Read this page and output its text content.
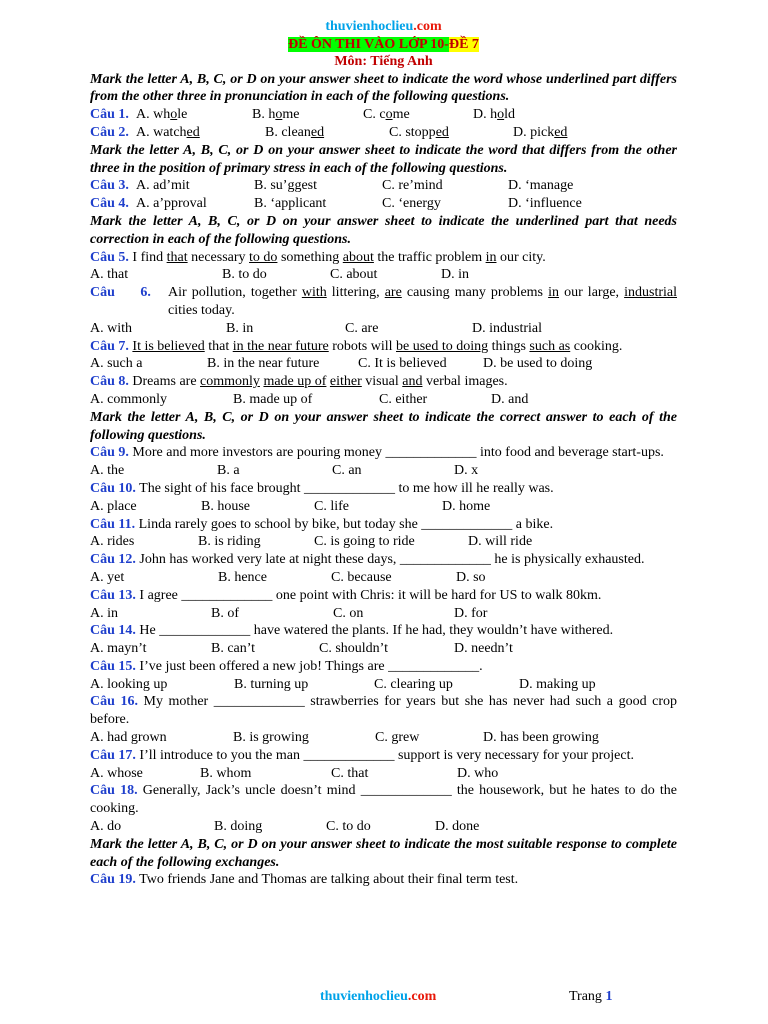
thuvienhoclieu.com
ĐỀ ÔN THI VÀO LỚP 10-ĐỀ 7
Môn: Tiếng Anh
Mark the letter A, B, C, or D on your answer sheet to indicate the word whose underlined part differs from the other three in pronunciation in each of the following questions.
Câu 1. A. whole	B. home	C. come	D. hold
Câu 2. A. watched	B. cleaned	C. stopped	D. picked
Mark the letter A, B, C, or D on your answer sheet to indicate the word that differs from the other three in the position of primary stress in each of the following questions.
Câu 3. A. ad’mit	B. su’ggest	C. re’mind	D. ‘manage
Câu 4. A. a’pproval	B. ‘applicant	C. ‘energy	D. ‘influence
Mark the letter A, B, C, or D on your answer sheet to indicate the underlined part that needs correction in each of the following questions.
Câu 5. I find that necessary to do something about the traffic problem in our city.
A. that	B. to do	C. about	D. in
Câu 6.	Air pollution, together with littering, are causing many problems in our large, industrial cities today.
A. with	B. in	C. are	D. industrial
Câu 7. It is believed that in the near future robots will be used to doing things such as cooking.
A. such a	B. in the near future	C. It is believed	D. be used to doing
Câu 8. Dreams are commonly made up of either visual and verbal images.
A. commonly	B. made up of	C. either	D. and
Mark the letter A, B, C, or D on your answer sheet to indicate the correct answer to each of the following questions.
Câu 9. More and more investors are pouring money _____________ into food and beverage start-ups.
A. the	B. a	C. an	D. x
Câu 10. The sight of his face brought _____________ to me how ill he really was.
A. place	B. house	C. life	D. home
Câu 11. Linda rarely goes to school by bike, but today she _____________ a bike.
A. rides	B. is riding	C. is going to ride	D. will ride
Câu 12. John has worked very late at night these days, _____________ he is physically exhausted.
A. yet	B. hence	C. because	D. so
Câu 13. I agree _____________ one point with Chris: it will be hard for US to walk 80km.
A. in	B. of	C. on	D. for
Câu 14. He _____________ have watered the plants. If he had, they wouldn’t have withered.
A. mayn’t	B. can’t	C. shouldn’t	D. needn’t
Câu 15. I’ve just been offered a new job! Things are _____________.
A. looking up	B. turning up	C. clearing up	D. making up
Câu 16. My mother _____________ strawberries for years but she has never had such a good crop before.
A. had grown	B. is growing	C. grew	D. has been growing
Câu 17. I’ll introduce to you the man _____________ support is very necessary for your project.
A. whose	B. whom	C. that	D. who
Câu 18. Generally, Jack’s uncle doesn’t mind _____________ the housework, but he hates to do the cooking.
A. do	B. doing	C. to do	D. done
Mark the letter A, B, C, or D on your answer sheet to indicate the most suitable response to complete each of the following exchanges.
Câu 19. Two friends Jane and Thomas are talking about their final term test.
thuvienhoclieu.com	Trang 1
